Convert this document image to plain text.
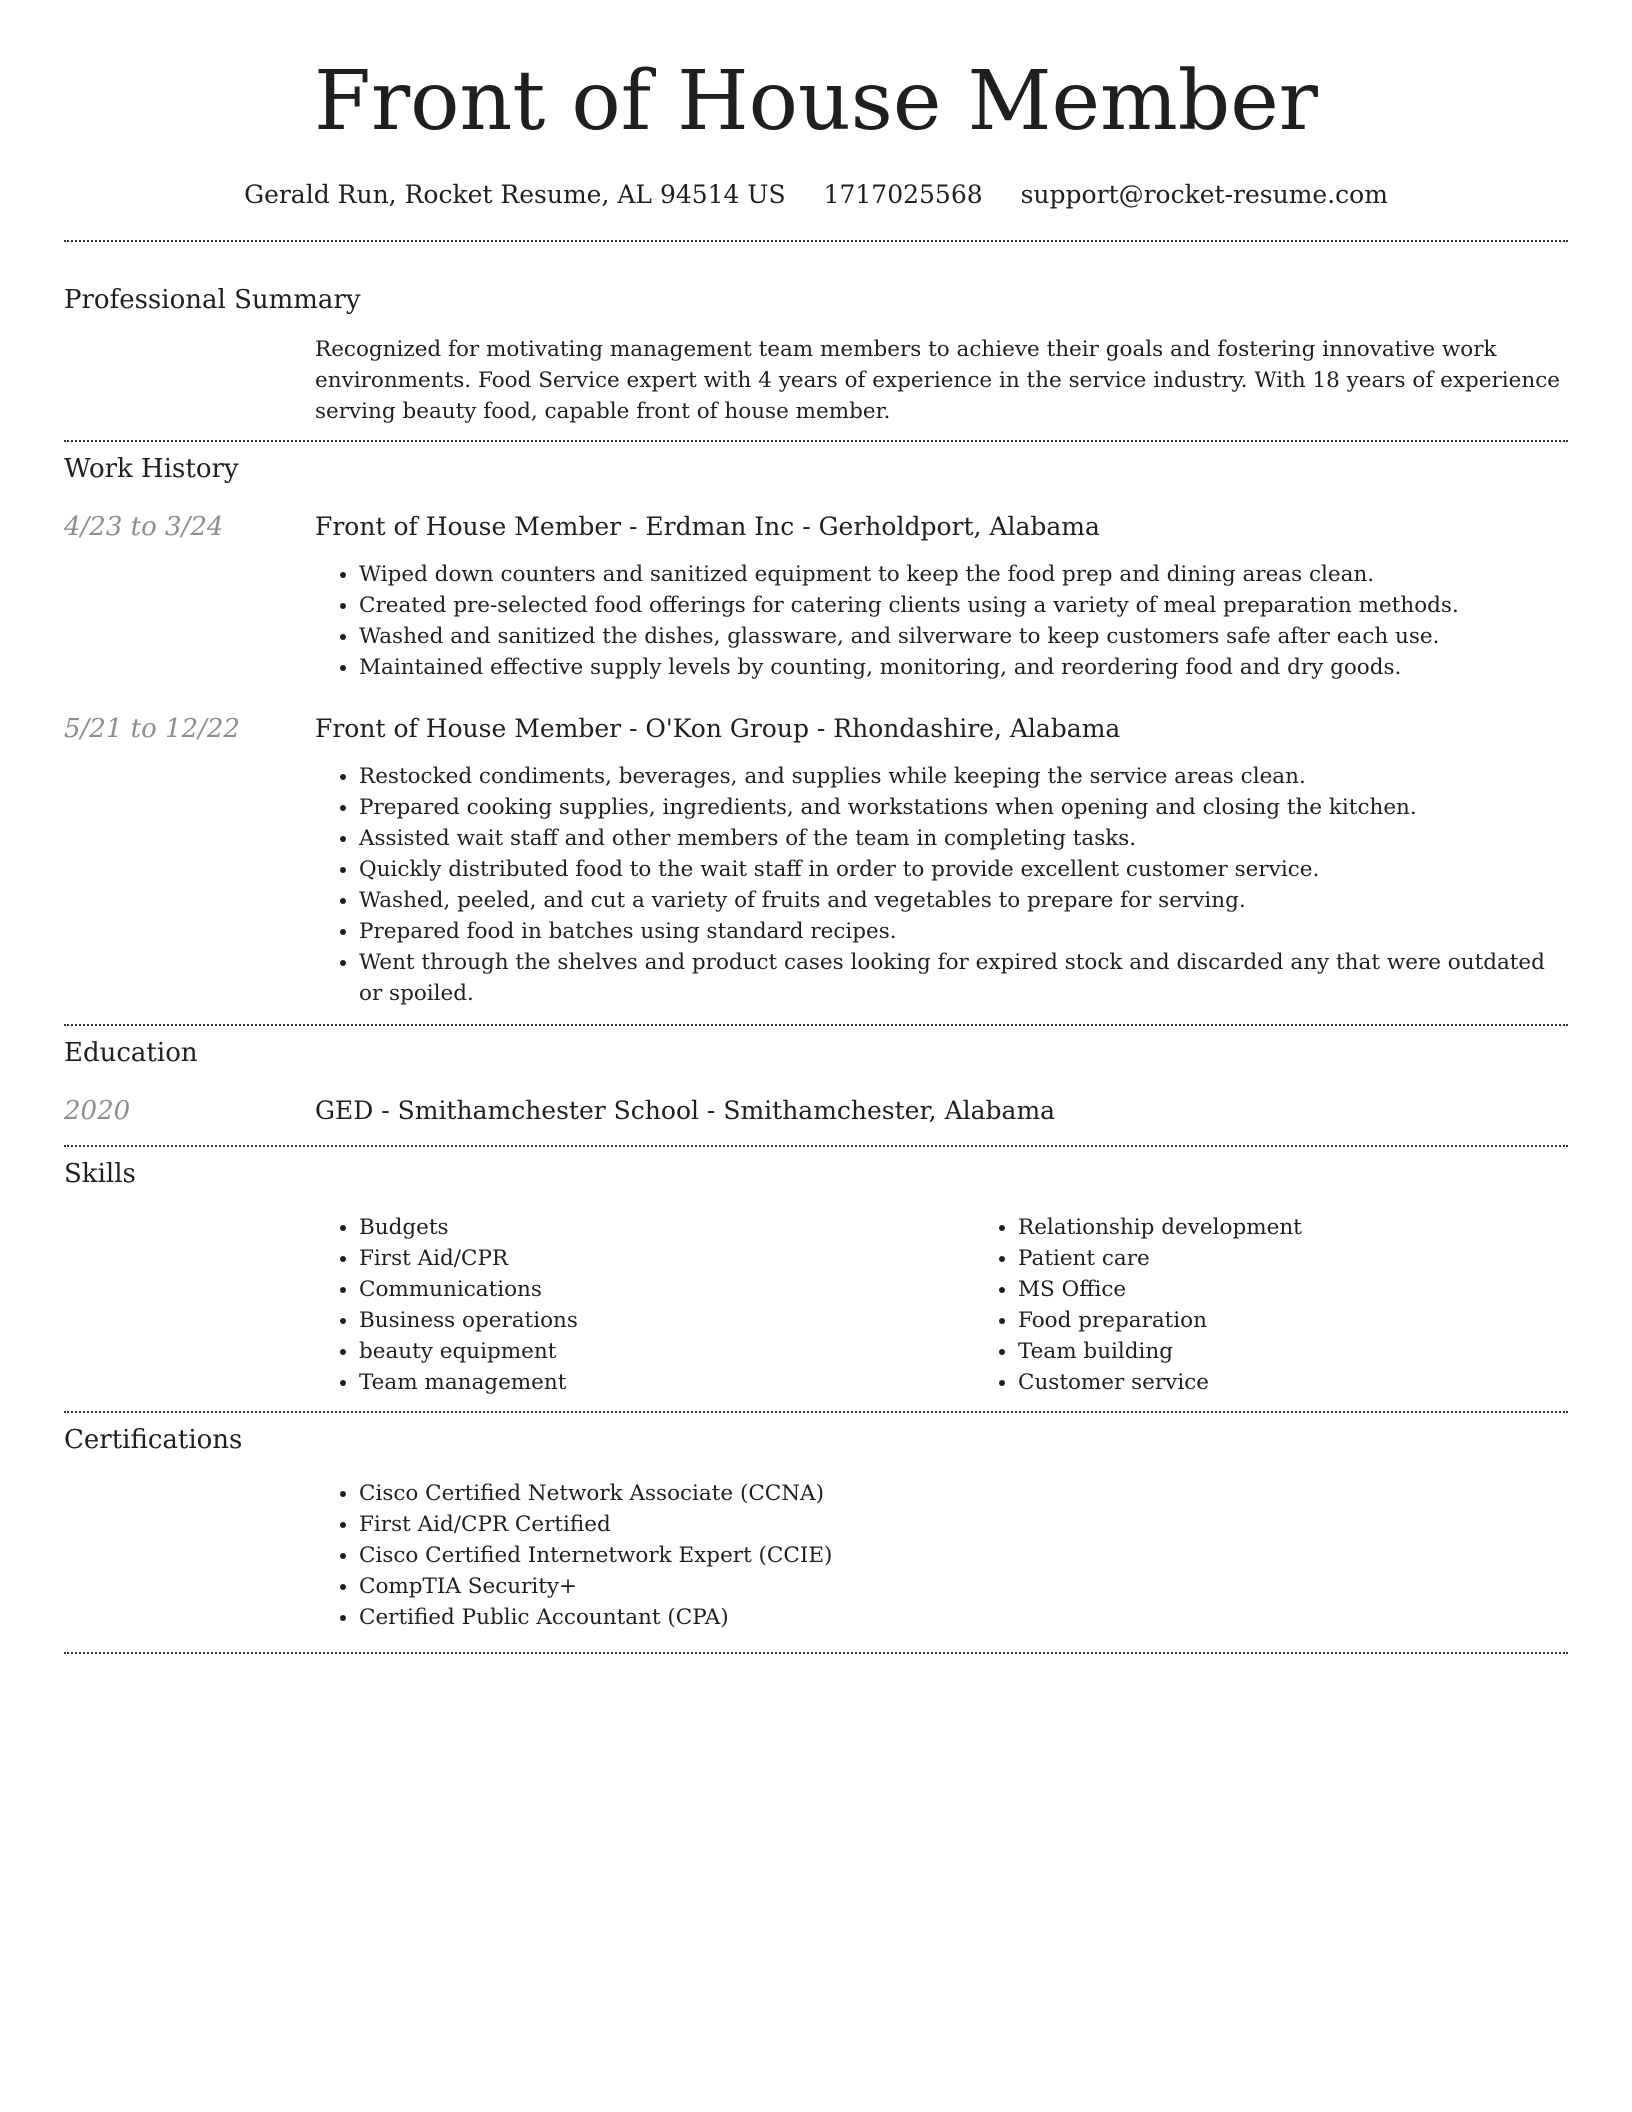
Front of House Member
Gerald Run, Rocket Resume, AL 94514 US 1717025568 support@rocket-resume.com
Professional Summary
Recognized for motivating management team members to achieve their goals and fostering innovative work environments. Food Service expert with 4 years of experience in the service industry. With 18 years of experience serving beauty food, capable front of house member.
Work History
4/23 to 3/24	Front of House Member - Erdman Inc - Gerholdport, Alabama
• Wiped down counters and sanitized equipment to keep the food prep and dining areas clean.
• Created pre-selected food offerings for catering clients using a variety of meal preparation methods.
• Washed and sanitized the dishes, glassware, and silverware to keep customers safe after each use.
• Maintained effective supply levels by counting, monitoring, and reordering food and dry goods.
5/21 to 12/22	Front of House Member - O'Kon Group - Rhondashire, Alabama
• Restocked condiments, beverages, and supplies while keeping the service areas clean.
• Prepared cooking supplies, ingredients, and workstations when opening and closing the kitchen.
• Assisted wait staff and other members of the team in completing tasks.
• Quickly distributed food to the wait staff in order to provide excellent customer service.
• Washed, peeled, and cut a variety of fruits and vegetables to prepare for serving.
• Prepared food in batches using standard recipes.
• Went through the shelves and product cases looking for expired stock and discarded any that were outdated or spoiled.
Education
2020	GED - Smithamchester School - Smithamchester, Alabama
Skills
• Budgets
• First Aid/CPR
• Communications
• Business operations
• beauty equipment
• Team management
• Relationship development
• Patient care
• MS Office
• Food preparation
• Team building
• Customer service
Certifications
• Cisco Certified Network Associate (CCNA)
• First Aid/CPR Certified
• Cisco Certified Internetwork Expert (CCIE)
• CompTIA Security+
• Certified Public Accountant (CPA)
